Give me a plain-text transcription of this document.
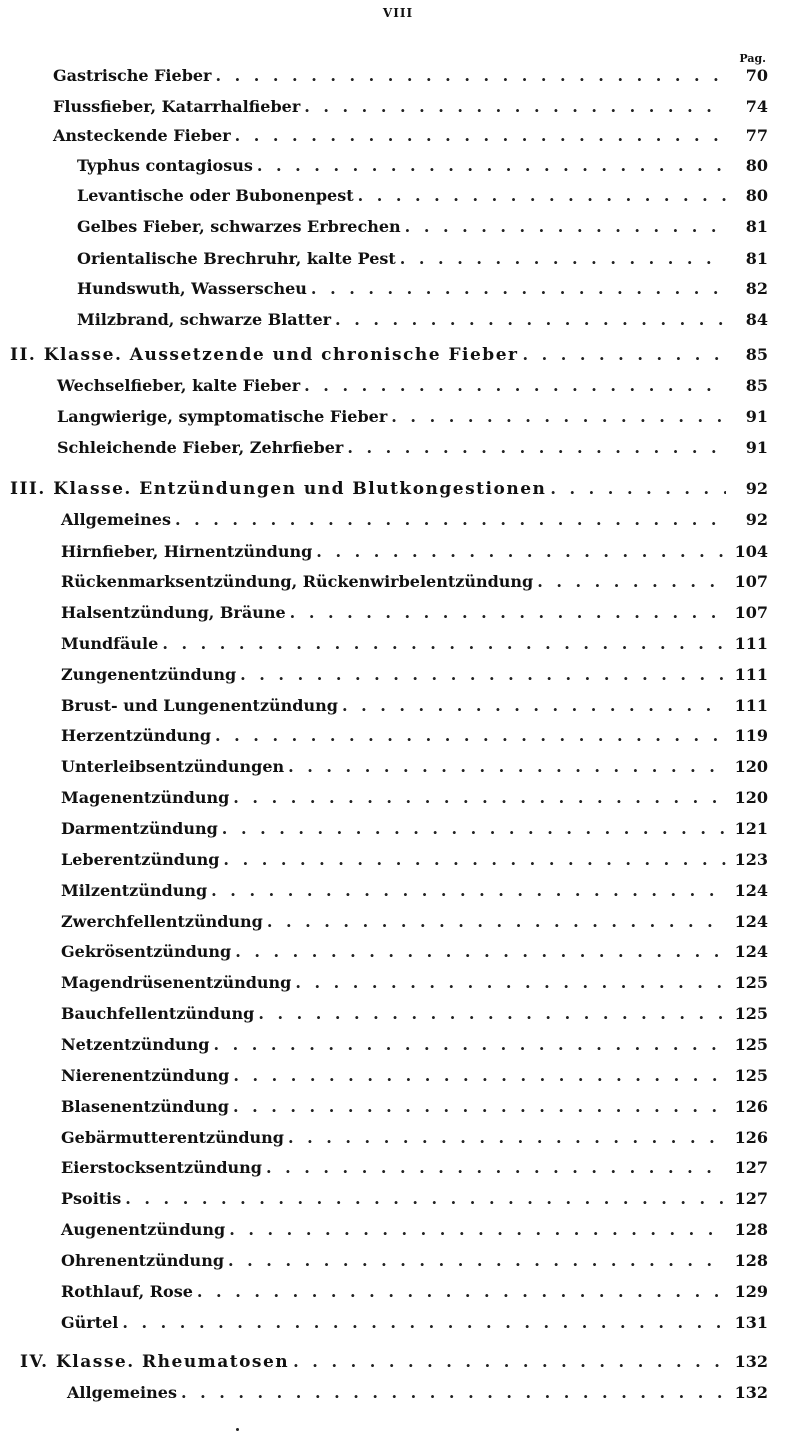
VIII
Pag.
Gastrische Fieber . . .	70
Flussfieber, Katarrhalfieber . . .	74
Ansteckende Fieber . . .	77
Typhus contagiosus . . .	80
Levantische oder Bubonenpest . . .	80
Gelbes Fieber, schwarzes Erbrechen . . .	81
Orientalische Brechruhr, kalte Pest . . .	81
Hundswuth, Wasserscheu . . .	82
Milzbrand, schwarze Blatter . . .	84
II. Klasse. Aussetzende und chronische Fieber . . .	85
Wechselfieber, kalte Fieber . . .	85
Langwierige, symptomatische Fieber . . .	91
Schleichende Fieber, Zehrfieber . . .	91
III. Klasse. Entzündungen und Blutkongestionen . . .	92
Allgemeines . . .	92
Hirnfieber, Hirnentzündung . . .	104
Rückenmarksentzündung, Rückenwirbelentzündung . . .	107
Halsentzündung, Bräune . . .	107
Mundfäule . . .	111
Zungenentzündung . . .	111
Brust- und Lungenentzündung . . .	111
Herzentzündung . . .	119
Unterleibsentzündungen . . .	120
Magenentzündung . . .	120
Darmentzündung . . .	121
Leberentzündung . . .	123
Milzentzündung . . .	124
Zwerchfellentzündung . . .	124
Gekrösentzündung . . .	124
Magendrüsenentzündung . . .	125
Bauchfellentzündung . . .	125
Netzentzündung . . .	125
Nierenentzündung . . .	125
Blasenentzündung . . .	126
Gebärmutterentzündung . . .	126
Eierstocksentzündung . . .	127
Psoitis . . .	127
Augenentzündung . . .	128
Ohrenentzündung . . .	128
Rothlauf, Rose . . .	129
Gürtel . . .	131
IV. Klasse. Rheumatosen . . .	132
Allgemeines . . .	132
